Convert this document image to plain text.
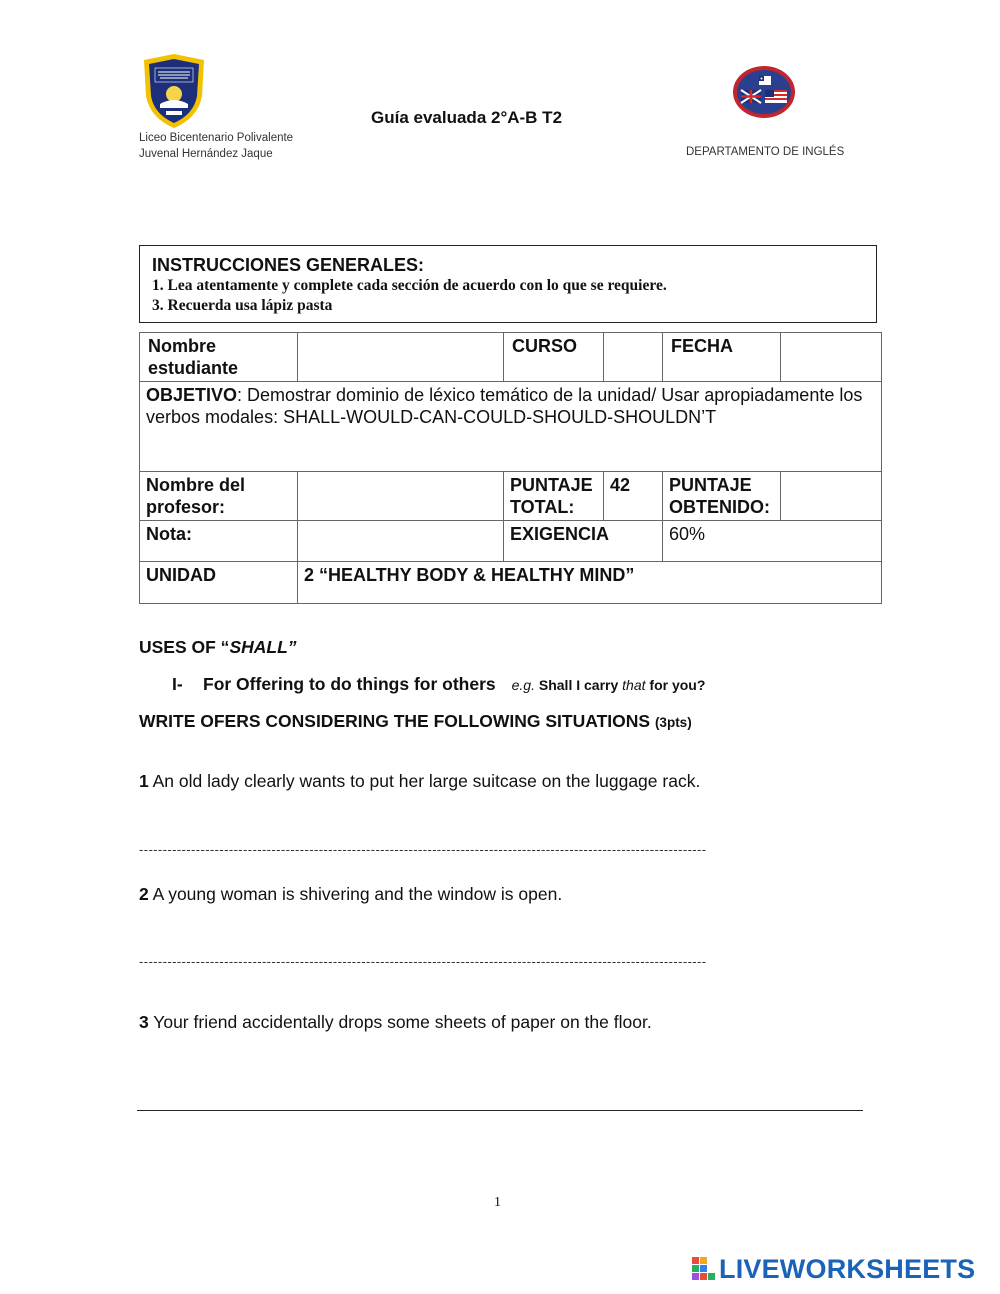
Liceo Bicentenario Polivalente
Juvenal Hernández Jaque
Guía evaluada 2°A-B T2
DEPARTAMENTO DE INGLÉS
INSTRUCCIONES GENERALES:
1. Lea atentamente y complete cada sección de acuerdo con lo que se requiere.
3. Recuerda usa lápiz pasta
Nombre estudiante		CURSO		FECHA	
OBJETIVO: Demostrar dominio de léxico temático de la unidad/ Usar apropiadamente los verbos modales: SHALL-WOULD-CAN-COULD-SHOULD-SHOULDN’T					
Nombre del profesor:		PUNTAJE TOTAL:	42	PUNTAJE OBTENIDO:	
Nota:		EXIGENCIA		60%	
UNIDAD	2 “HEALTHY BODY & HEALTHY MIND”				
USES OF “SHALL”
I- For Offering to do things for others e.g. Shall I carry that for you?
WRITE OFERS CONSIDERING THE FOLLOWING SITUATIONS (3pts)
1 An old lady clearly wants to put her large suitcase on the luggage rack.
------------------------------------------------------------------------------------------------------------------------
2 A young woman is shivering and the window is open.
------------------------------------------------------------------------------------------------------------------------
3 Your friend accidentally drops some sheets of paper on the floor.
1
LIVEWORKSHEETS
